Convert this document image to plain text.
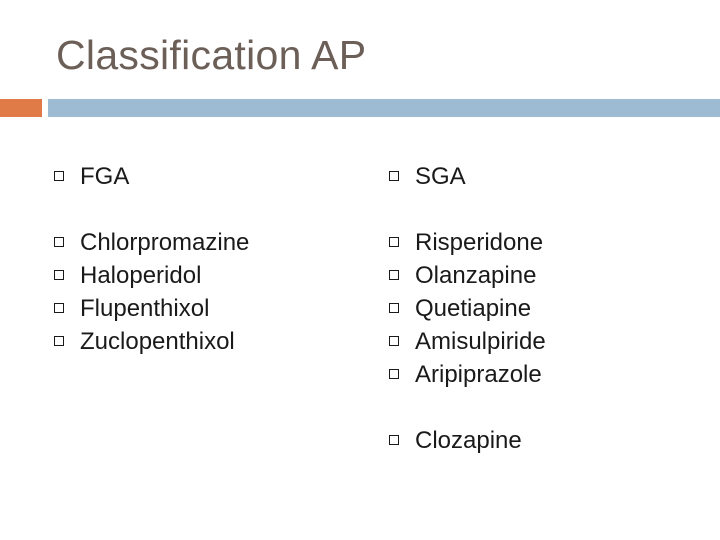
Classification AP
FGA
Chlorpromazine
Haloperidol
Flupenthixol
Zuclopenthixol
SGA
Risperidone
Olanzapine
Quetiapine
Amisulpiride
Aripiprazole
Clozapine
